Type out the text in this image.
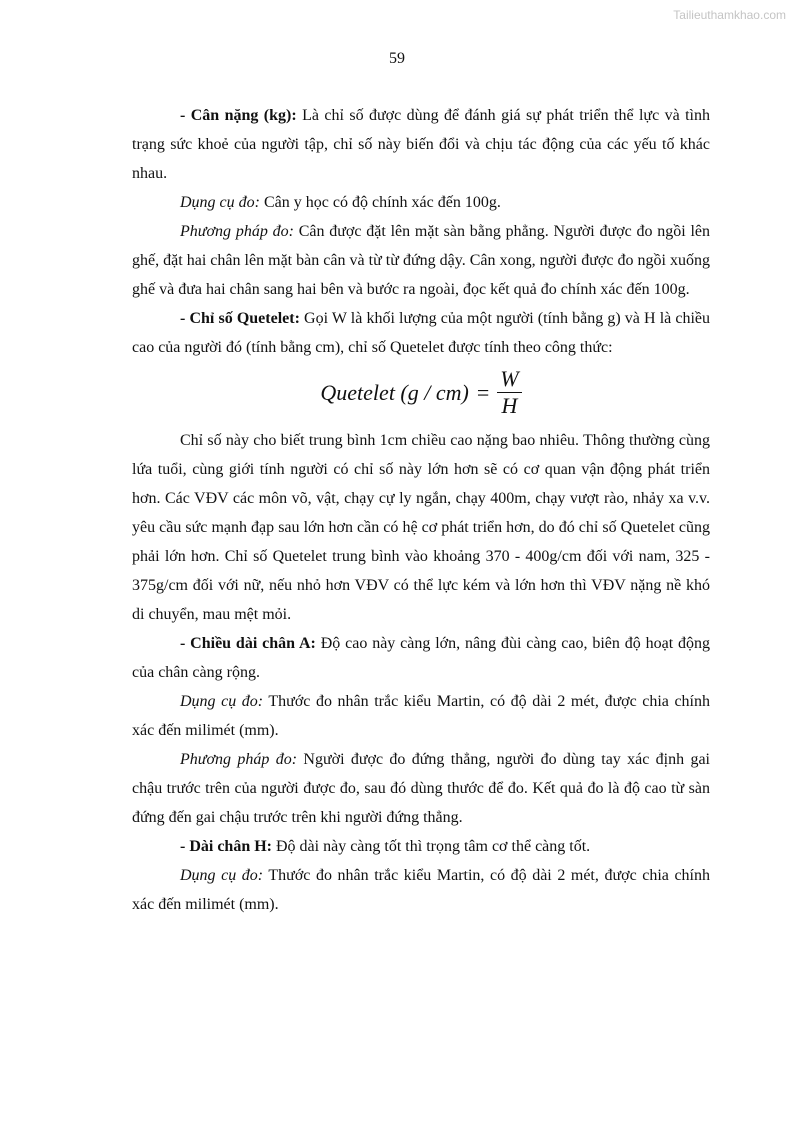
Tailieuthamkhao.com
59

- Cân nặng (kg): Là chỉ số được dùng để đánh giá sự phát triển thể lực và tình trạng sức khoẻ của người tập, chỉ số này biến đổi và chịu tác động của các yếu tố khác nhau.

Dụng cụ đo: Cân y học có độ chính xác đến 100g.

Phương pháp đo: Cân được đặt lên mặt sàn bằng phẳng. Người được đo ngồi lên ghế, đặt hai chân lên mặt bàn cân và từ từ đứng dậy. Cân xong, người được đo ngồi xuống ghế và đưa hai chân sang hai bên và bước ra ngoài, đọc kết quả đo chính xác đến 100g.

- Chỉ số Quetelet: Gọi W là khối lượng của một người (tính bằng g) và H là chiều cao của người đó (tính bằng cm), chỉ số Quetelet được tính theo công thức:

Quetelet $(g / cm) = \frac{W}{H}$

Chỉ số này cho biết trung bình 1cm chiều cao nặng bao nhiêu. Thông thường cùng lứa tuổi, cùng giới tính người có chỉ số này lớn hơn sẽ có cơ quan vận động phát triển hơn. Các VĐV các môn võ, vật, chạy cự ly ngắn, chạy 400m, chạy vượt rào, nhảy xa v.v. yêu cầu sức mạnh đạp sau lớn hơn cần có hệ cơ phát triển hơn, do đó chỉ số Quetelet cũng phải lớn hơn. Chỉ số Quetelet trung bình vào khoảng 370 - 400g/cm đối với nam, 325 - 375g/cm đối với nữ, nếu nhỏ hơn VĐV có thể lực kém và lớn hơn thì VĐV nặng nề khó di chuyển, mau mệt mỏi.

- Chiều dài chân A: Độ cao này càng lớn, nâng đùi càng cao, biên độ hoạt động của chân càng rộng.

Dụng cụ đo: Thước đo nhân trắc kiểu Martin, có độ dài 2 mét, được chia chính xác đến milimét (mm).

Phương pháp đo: Người được đo đứng thẳng, người đo dùng tay xác định gai chậu trước trên của người được đo, sau đó dùng thước để đo. Kết quả đo là độ cao từ sàn đứng đến gai chậu trước trên khi người đứng thẳng.

- Dài chân H: Độ dài này càng tốt thì trọng tâm cơ thể càng tốt.

Dụng cụ đo: Thước đo nhân trắc kiểu Martin, có độ dài 2 mét, được chia chính xác đến milimét (mm).
